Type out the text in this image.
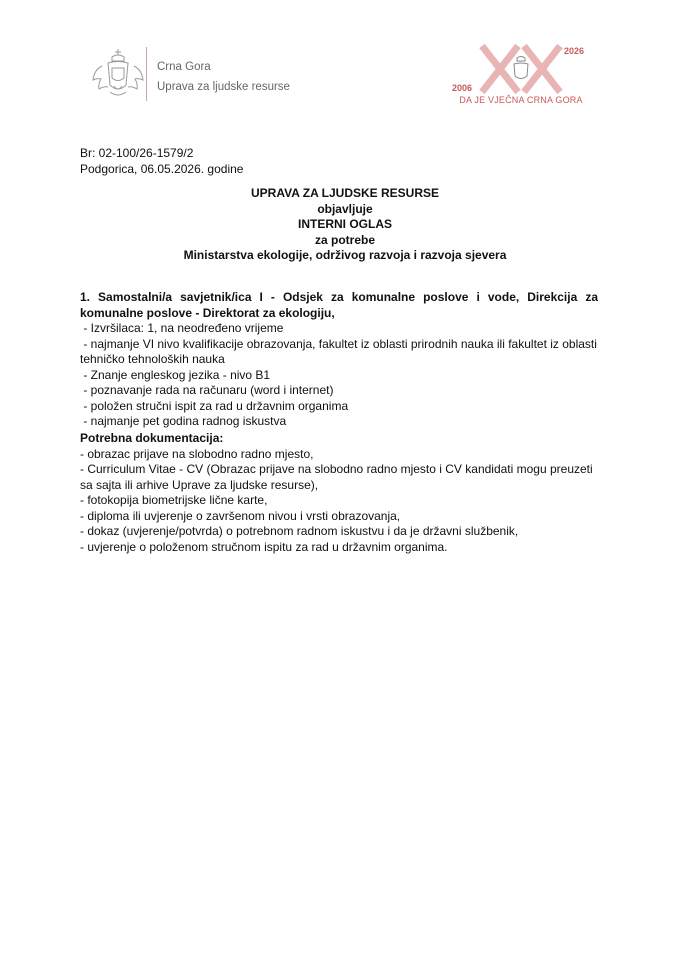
Crna Gora
Uprava za ljudske resurse
2026
2006
DA JE VJEČNA CRNA GORA
Br: 02-100/26-1579/2
Podgorica, 06.05.2026. godine
UPRAVA ZA LJUDSKE RESURSE
objavljuje
INTERNI OGLAS
za potrebe
Ministarstva ekologije, održivog razvoja i razvoja sjevera
1. Samostalni/a savjetnik/ica I - Odsjek za komunalne poslove i vode, Direkcija za komunalne poslove - Direktorat za ekologiju,
- Izvršilaca: 1, na neodređeno vrijeme
- najmanje VI nivo kvalifikacije obrazovanja, fakultet iz oblasti prirodnih nauka ili fakultet iz oblasti tehničko tehnoloških nauka
- Znanje engleskog jezika - nivo B1
- poznavanje rada na računaru (word i internet)
- položen stručni ispit za rad u državnim organima
- najmanje pet godina radnog iskustva
Potrebna dokumentacija:
- obrazac prijave na slobodno radno mjesto,
- Curriculum Vitae - CV (Obrazac prijave na slobodno radno mjesto i CV kandidati mogu preuzeti sa sajta ili arhive Uprave za ljudske resurse),
- fotokopija biometrijske lične karte,
- diploma ili uvjerenje o završenom nivou i vrsti obrazovanja,
- dokaz (uvjerenje/potvrda) o potrebnom radnom iskustvu i da je državni službenik,
- uvjerenje o položenom stručnom ispitu za rad u državnim organima.
